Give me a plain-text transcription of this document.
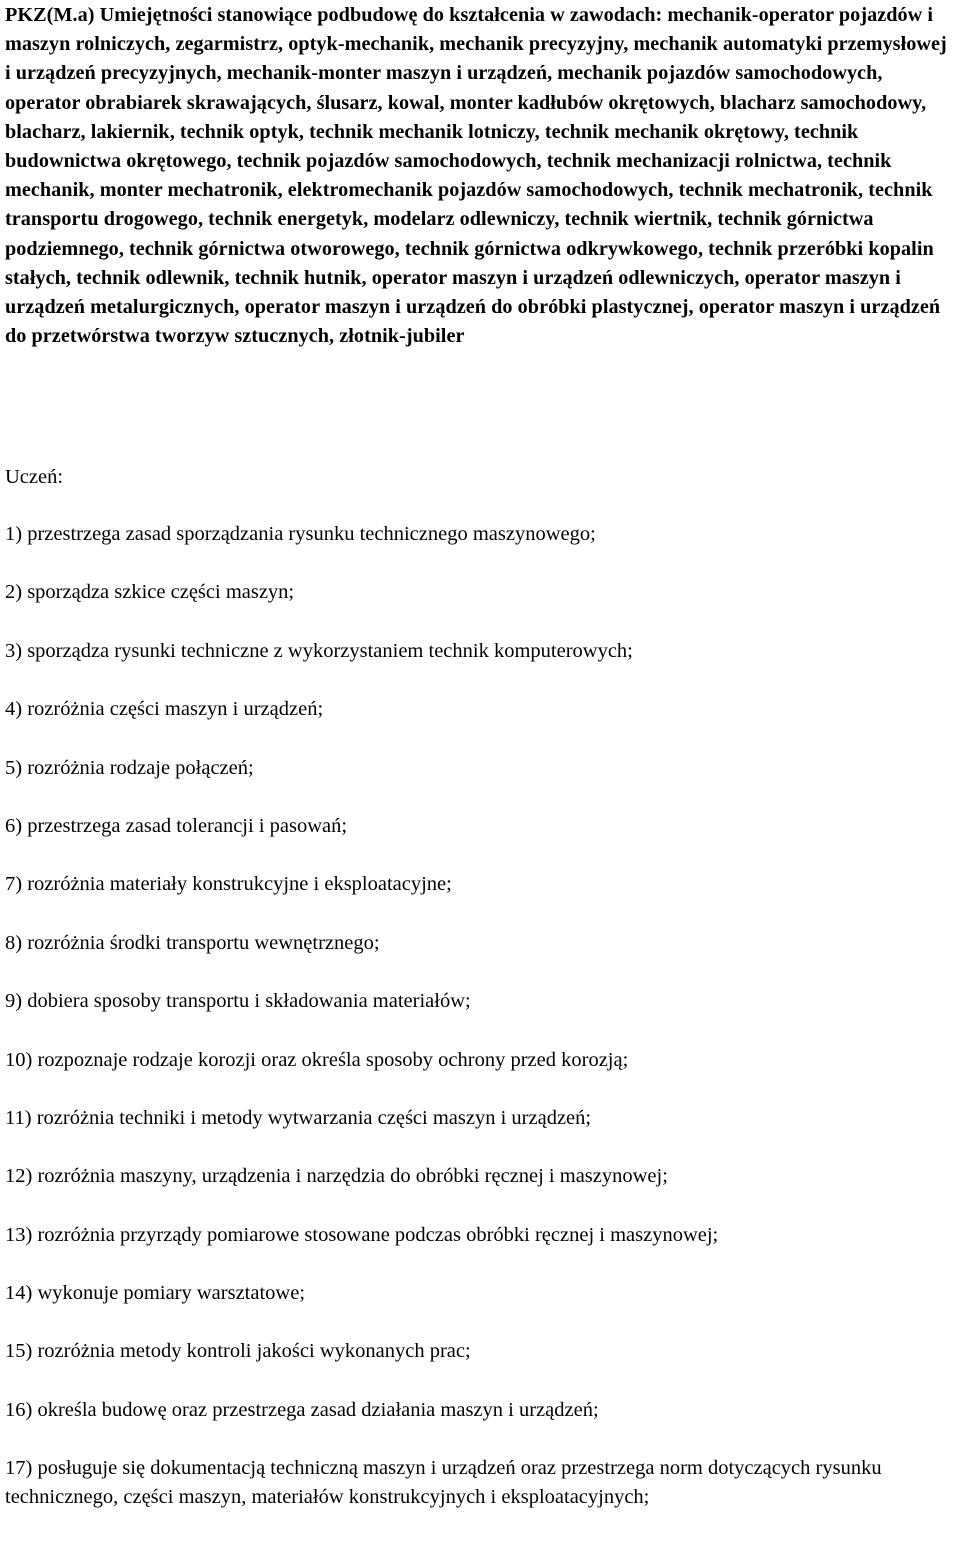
PKZ(M.a) Umiejętności stanowiące podbudowę do kształcenia w zawodach: mechanik-operator pojazdów i maszyn rolniczych, zegarmistrz, optyk-mechanik, mechanik precyzyjny, mechanik automatyki przemysłowej i urządzeń precyzyjnych, mechanik-monter maszyn i urządzeń, mechanik pojazdów samochodowych, operator obrabiarek skrawających, ślusarz, kowal, monter kadłubów okrętowych, blacharz samochodowy, blacharz, lakiernik, technik optyk, technik mechanik lotniczy, technik mechanik okrętowy, technik budownictwa okrętowego, technik pojazdów samochodowych, technik mechanizacji rolnictwa, technik mechanik, monter mechatronik, elektromechanik pojazdów samochodowych, technik mechatronik, technik transportu drogowego, technik energetyk, modelarz odlewniczy, technik wiertnik, technik górnictwa podziemnego, technik górnictwa otworowego, technik górnictwa odkrywkowego, technik przeróbki kopalin stałych, technik odlewnik, technik hutnik, operator maszyn i urządzeń odlewniczych, operator maszyn i urządzeń metalurgicznych, operator maszyn i urządzeń do obróbki plastycznej, operator maszyn i urządzeń do przetwórstwa tworzyw sztucznych, złotnik-jubiler

Uczeń:

1) przestrzega zasad sporządzania rysunku technicznego maszynowego;
2) sporządza szkice części maszyn;
3) sporządza rysunki techniczne z wykorzystaniem technik komputerowych;
4) rozróżnia części maszyn i urządzeń;
5) rozróżnia rodzaje połączeń;
6) przestrzega zasad tolerancji i pasowań;
7) rozróżnia materiały konstrukcyjne i eksploatacyjne;
8) rozróżnia środki transportu wewnętrznego;
9) dobiera sposoby transportu i składowania materiałów;
10) rozpoznaje rodzaje korozji oraz określa sposoby ochrony przed korozją;
11) rozróżnia techniki i metody wytwarzania części maszyn i urządzeń;
12) rozróżnia maszyny, urządzenia i narzędzia do obróbki ręcznej i maszynowej;
13) rozróżnia przyrządy pomiarowe stosowane podczas obróbki ręcznej i maszynowej;
14) wykonuje pomiary warsztatowe;
15) rozróżnia metody kontroli jakości wykonanych prac;
16) określa budowę oraz przestrzega zasad działania maszyn i urządzeń;
17) posługuje się dokumentacją techniczną maszyn i urządzeń oraz przestrzega norm dotyczących rysunku technicznego, części maszyn, materiałów konstrukcyjnych i eksploatacyjnych;
